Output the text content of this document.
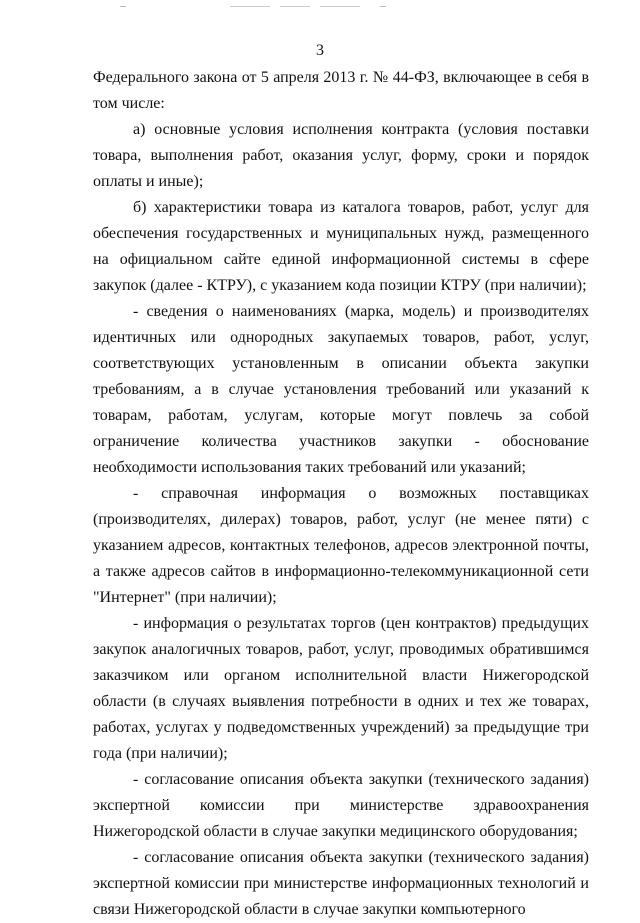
3

Федерального закона от 5 апреля 2013 г. № 44-ФЗ, включающее в себя в том числе:

а) основные условия исполнения контракта (условия поставки товара, выполнения работ, оказания услуг, форму, сроки и порядок оплаты и иные);

б) характеристики товара из каталога товаров, работ, услуг для обеспечения государственных и муниципальных нужд, размещенного на официальном сайте единой информационной системы в сфере закупок (далее - КТРУ), с указанием кода позиции КТРУ (при наличии);

- сведения о наименованиях (марка, модель) и производителях идентичных или однородных закупаемых товаров, работ, услуг, соответствующих установленным в описании объекта закупки требованиям, а в случае установления требований или указаний к товарам, работам, услугам, которые могут повлечь за собой ограничение количества участников закупки - обоснование необходимости использования таких требований или указаний;

- справочная информация о возможных поставщиках (производителях, дилерах) товаров, работ, услуг (не менее пяти) с указанием адресов, контактных телефонов, адресов электронной почты, а также адресов сайтов в информационно-телекоммуникационной сети "Интернет" (при наличии);

- информация о результатах торгов (цен контрактов) предыдущих закупок аналогичных товаров, работ, услуг, проводимых обратившимся заказчиком или органом исполнительной власти Нижегородской области (в случаях выявления потребности в одних и тех же товарах, работах, услугах у подведомственных учреждений) за предыдущие три года (при наличии);

- согласование описания объекта закупки (технического задания) экспертной комиссии при министерстве здравоохранения Нижегородской области в случае закупки медицинского оборудования;

- согласование описания объекта закупки (технического задания) экспертной комиссии при министерстве информационных технологий и связи Нижегородской области в случае закупки компьютерного
